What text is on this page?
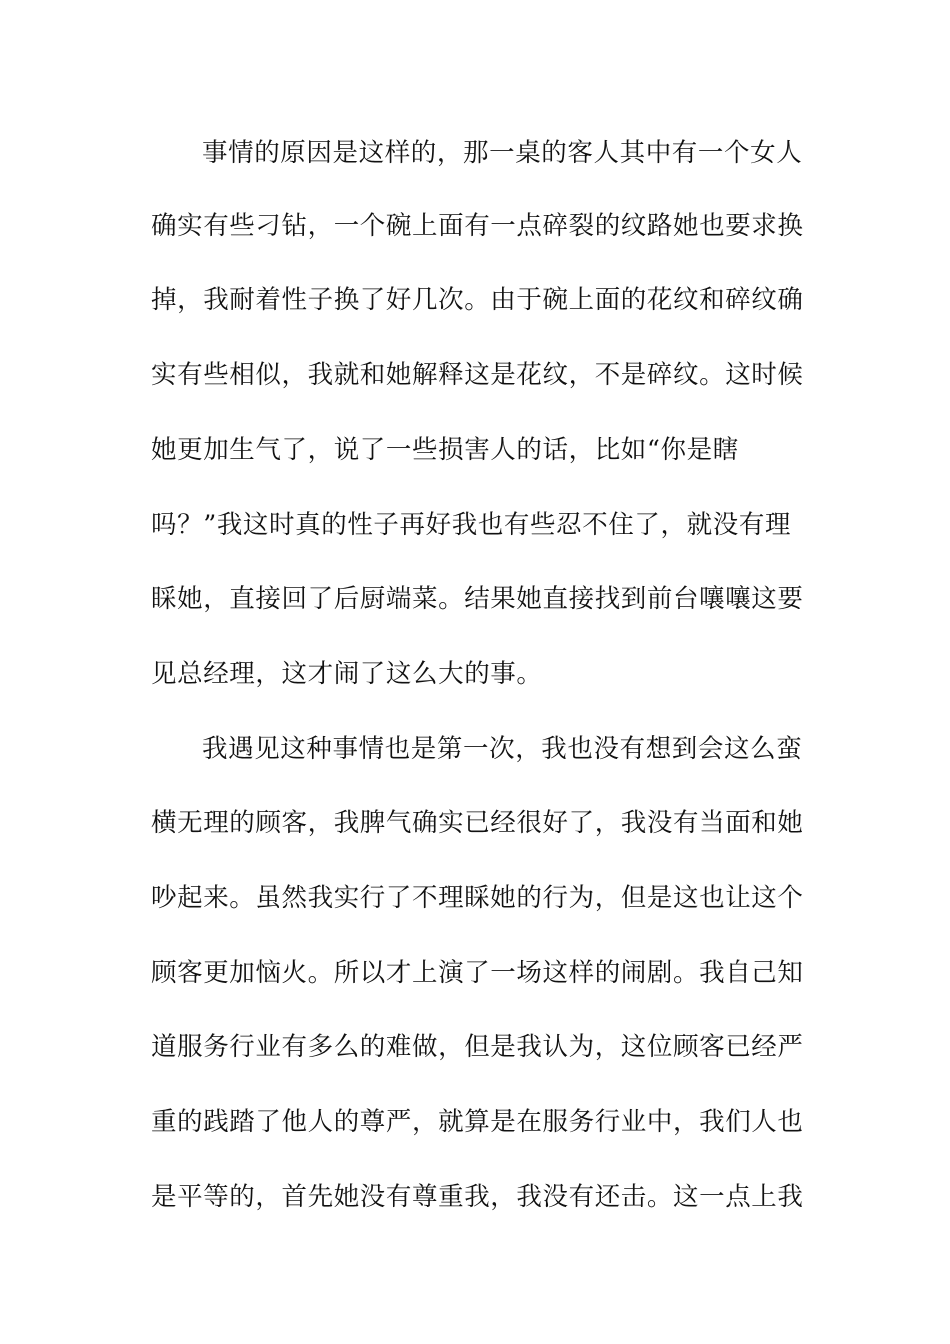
事情的原因是这样的，那一桌的客人其中有一个女人
确实有些刁钻，一个碗上面有一点碎裂的纹路她也要求换
掉，我耐着性子换了好几次。由于碗上面的花纹和碎纹确
实有些相似，我就和她解释这是花纹，不是碎纹。这时候
她更加生气了，说了一些损害人的话，比如“你是瞎
吗？”我这时真的性子再好我也有些忍不住了，就没有理
睬她，直接回了后厨端菜。结果她直接找到前台嚷嚷这要
见总经理，这才闹了这么大的事。
我遇见这种事情也是第一次，我也没有想到会这么蛮
横无理的顾客，我脾气确实已经很好了，我没有当面和她
吵起来。虽然我实行了不理睬她的行为，但是这也让这个
顾客更加恼火。所以才上演了一场这样的闹剧。我自己知
道服务行业有多么的难做，但是我认为，这位顾客已经严
重的践踏了他人的尊严，就算是在服务行业中，我们人也
是平等的，首先她没有尊重我，我没有还击。这一点上我
